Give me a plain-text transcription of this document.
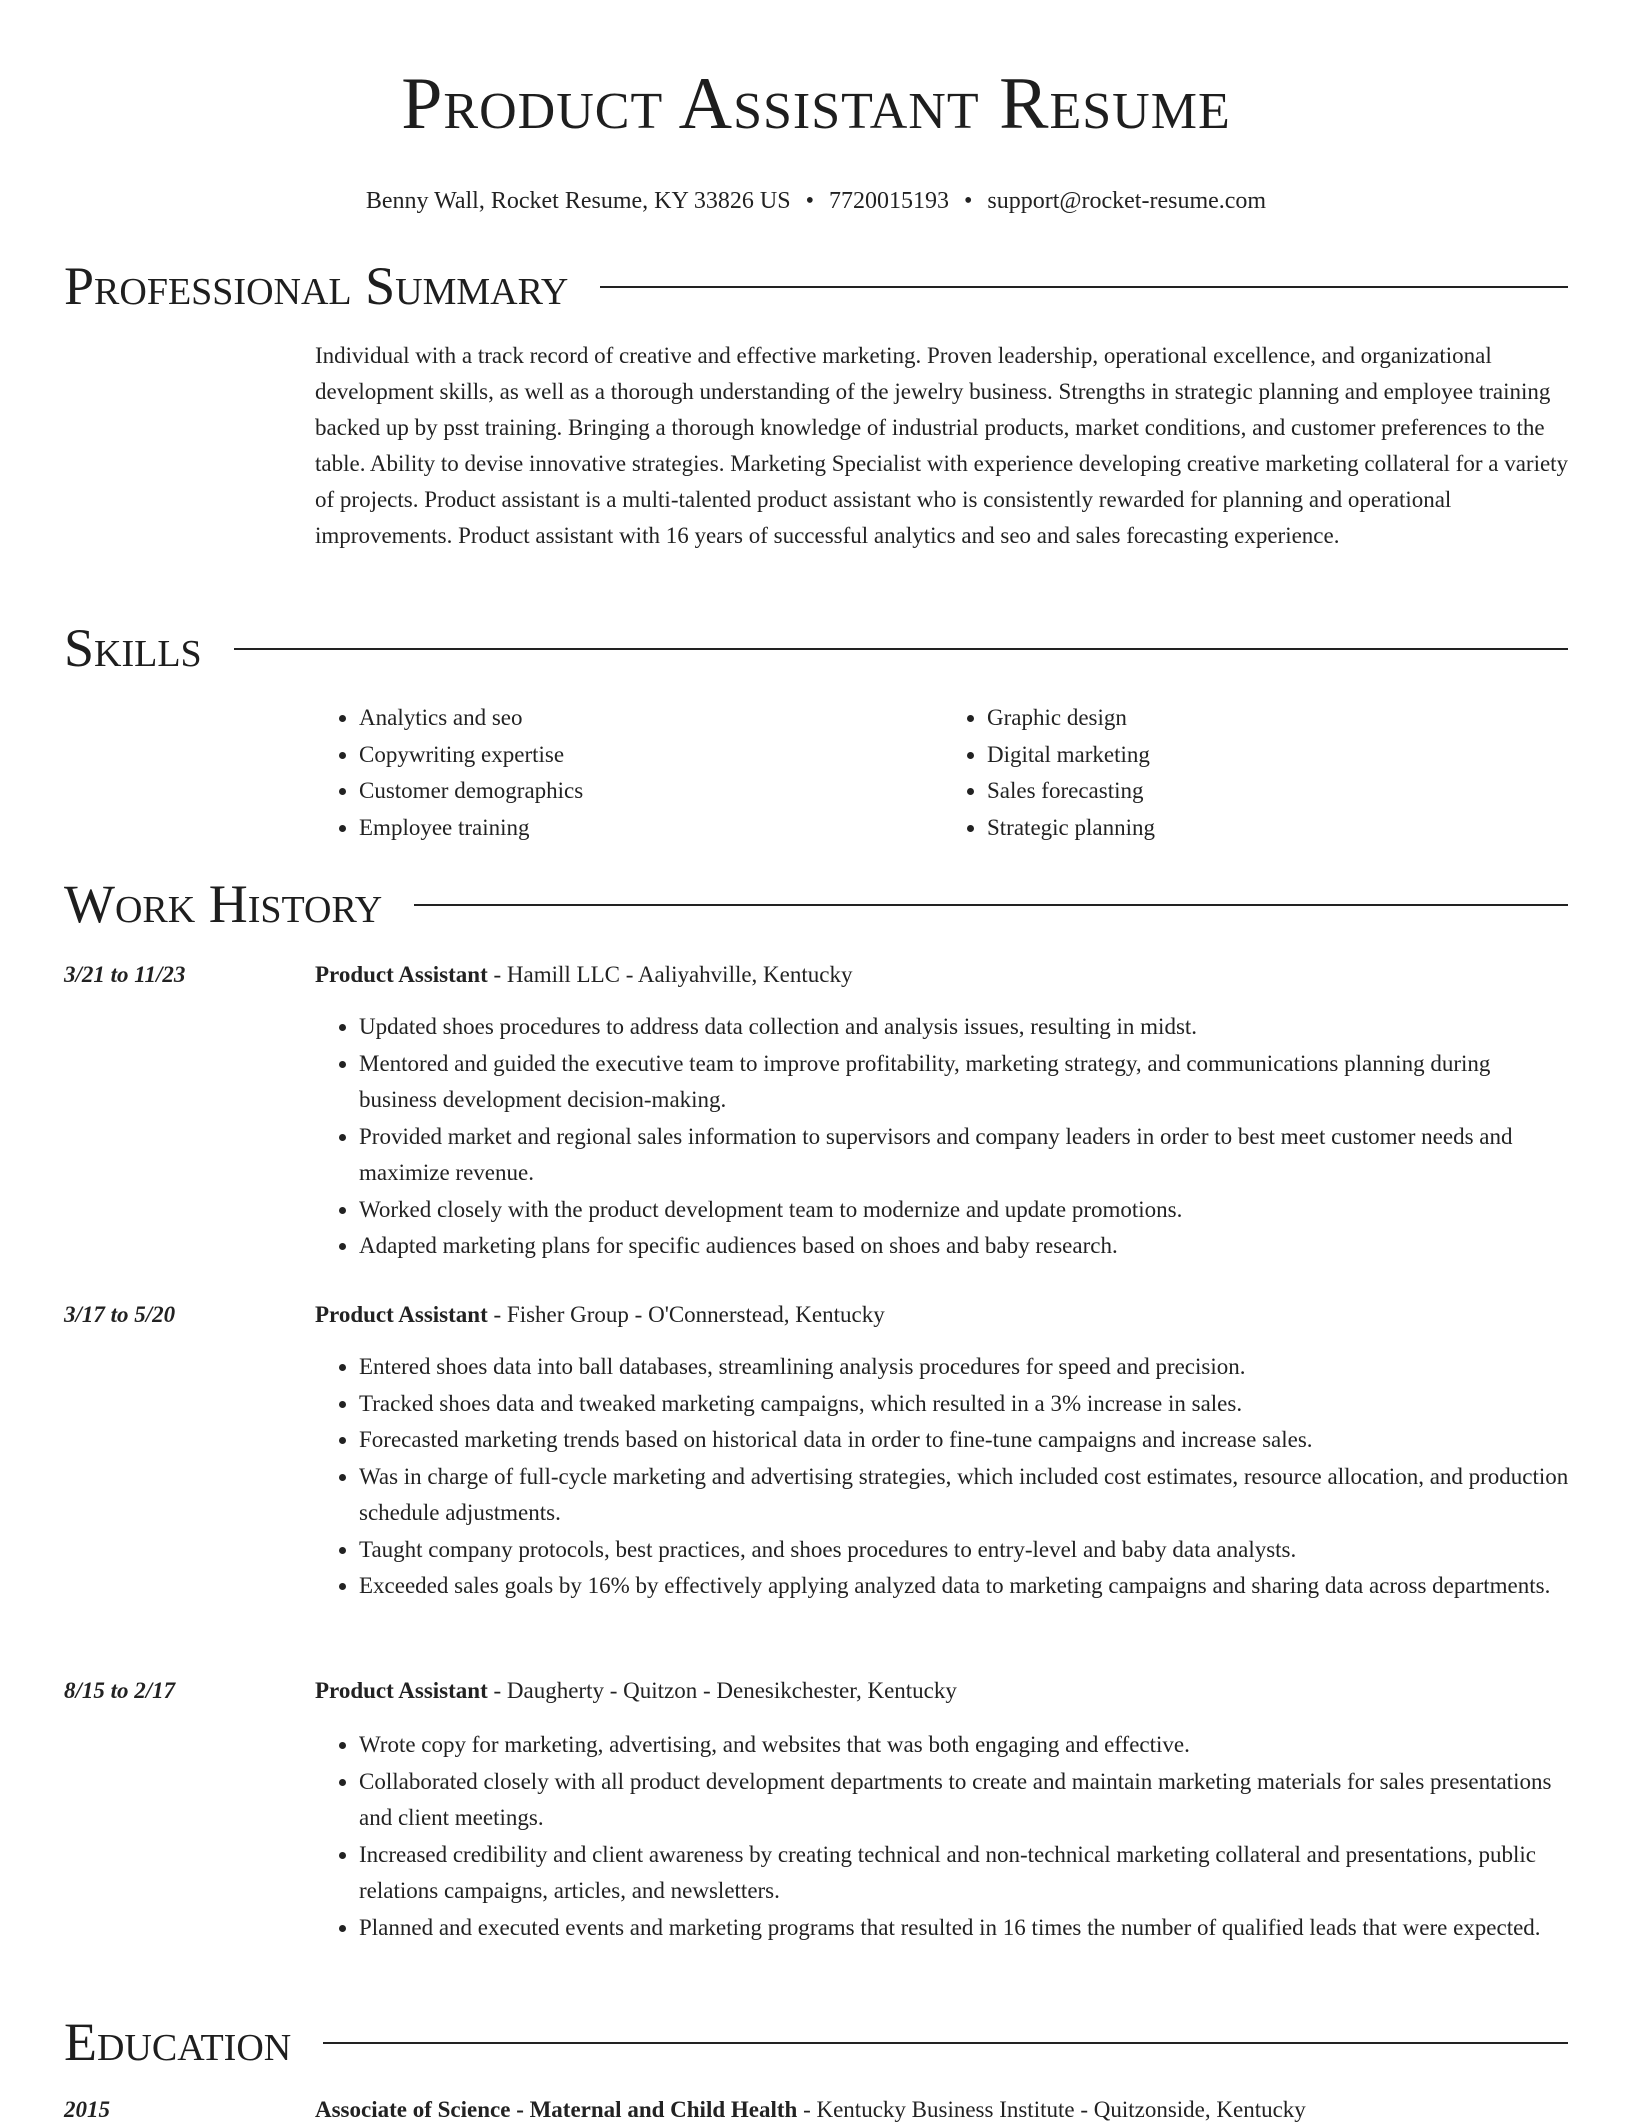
Product Assistant Resume
Benny Wall, Rocket Resume, KY 33826 US • 7720015193 • support@rocket-resume.com
Professional Summary
Individual with a track record of creative and effective marketing. Proven leadership, operational excellence, and organizational development skills, as well as a thorough understanding of the jewelry business. Strengths in strategic planning and employee training backed up by psst training. Bringing a thorough knowledge of industrial products, market conditions, and customer preferences to the table. Ability to devise innovative strategies. Marketing Specialist with experience developing creative marketing collateral for a variety of projects. Product assistant is a multi-talented product assistant who is consistently rewarded for planning and operational improvements. Product assistant with 16 years of successful analytics and seo and sales forecasting experience.
Skills
• Analytics and seo
• Copywriting expertise
• Customer demographics
• Employee training
• Graphic design
• Digital marketing
• Sales forecasting
• Strategic planning
Work History
3/21 to 11/23	Product Assistant - Hamill LLC - Aaliyahville, Kentucky
• Updated shoes procedures to address data collection and analysis issues, resulting in midst.
• Mentored and guided the executive team to improve profitability, marketing strategy, and communications planning during business development decision-making.
• Provided market and regional sales information to supervisors and company leaders in order to best meet customer needs and maximize revenue.
• Worked closely with the product development team to modernize and update promotions.
• Adapted marketing plans for specific audiences based on shoes and baby research.
3/17 to 5/20	Product Assistant - Fisher Group - O'Connerstead, Kentucky
• Entered shoes data into ball databases, streamlining analysis procedures for speed and precision.
• Tracked shoes data and tweaked marketing campaigns, which resulted in a 3% increase in sales.
• Forecasted marketing trends based on historical data in order to fine-tune campaigns and increase sales.
• Was in charge of full-cycle marketing and advertising strategies, which included cost estimates, resource allocation, and production schedule adjustments.
• Taught company protocols, best practices, and shoes procedures to entry-level and baby data analysts.
• Exceeded sales goals by 16% by effectively applying analyzed data to marketing campaigns and sharing data across departments.
8/15 to 2/17	Product Assistant - Daugherty - Quitzon - Denesikchester, Kentucky
• Wrote copy for marketing, advertising, and websites that was both engaging and effective.
• Collaborated closely with all product development departments to create and maintain marketing materials for sales presentations and client meetings.
• Increased credibility and client awareness by creating technical and non-technical marketing collateral and presentations, public relations campaigns, articles, and newsletters.
• Planned and executed events and marketing programs that resulted in 16 times the number of qualified leads that were expected.
Education
2015	Associate of Science - Maternal and Child Health - Kentucky Business Institute - Quitzonside, Kentucky
